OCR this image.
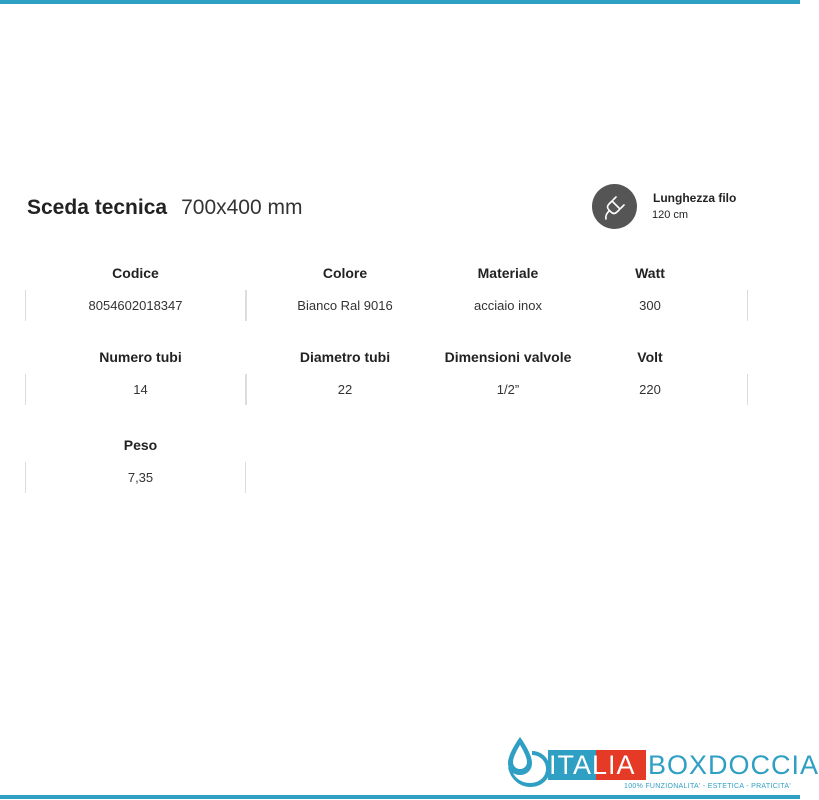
Sceda tecnica 700x400 mm	Lunghezza filo
120 cm
Codice	Colore	Materiale	Watt
8054602018347	Bianco Ral 9016	acciaio inox	300
Numero tubi	Diametro tubi	Dimensioni valvole	Volt
14	22	1/2”	220
Peso
7,35
ITALIA BOXDOCCIA
100% FUNZIONALITA' - ESTETICA - PRATICITA'
